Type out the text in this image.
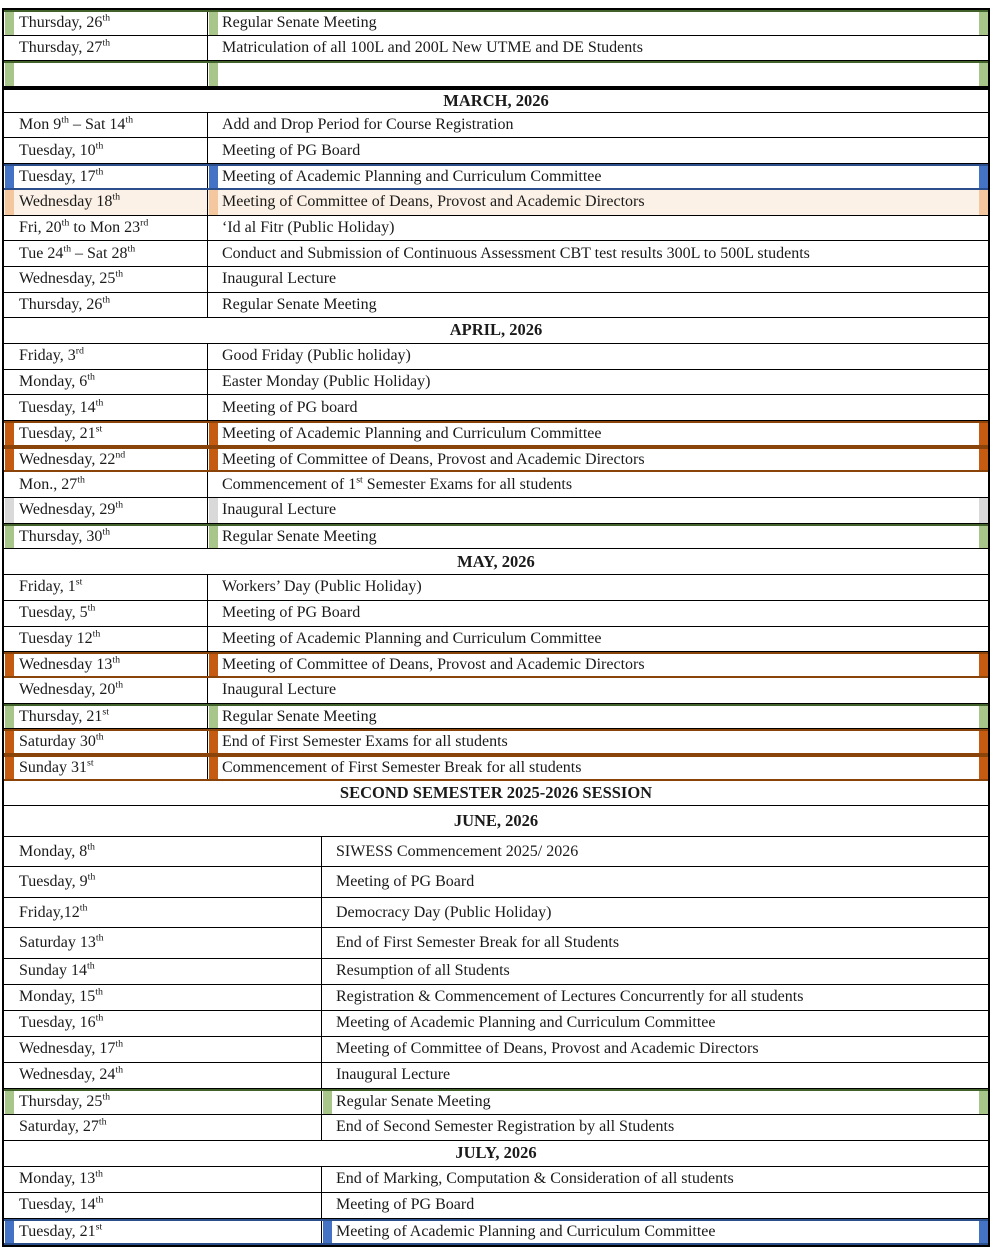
Thursday, 26th	Regular Senate Meeting
Thursday, 27th	Matriculation of all 100L and 200L New UTME and DE Students
MARCH, 2026
Mon 9th – Sat 14th	Add and Drop Period for Course Registration
Tuesday, 10th	Meeting of PG Board
Tuesday, 17th	Meeting of Academic Planning and Curriculum Committee
Wednesday 18th	Meeting of Committee of Deans, Provost and Academic Directors
Fri, 20th to Mon 23rd	‘Id al Fitr (Public Holiday)
Tue 24th – Sat 28th	Conduct and Submission of Continuous Assessment CBT test results 300L to 500L students
Wednesday, 25th	Inaugural Lecture
Thursday, 26th	Regular Senate Meeting
APRIL, 2026
Friday, 3rd	Good Friday (Public holiday)
Monday, 6th	Easter Monday (Public Holiday)
Tuesday, 14th	Meeting of PG board
Tuesday, 21st	Meeting of Academic Planning and Curriculum Committee
Wednesday, 22nd	Meeting of Committee of Deans, Provost and Academic Directors
Mon., 27th	Commencement of 1st Semester Exams for all students
Wednesday, 29th	Inaugural Lecture
Thursday, 30th	Regular Senate Meeting
MAY, 2026
Friday, 1st	Workers’ Day (Public Holiday)
Tuesday, 5th	Meeting of PG Board
Tuesday 12th	Meeting of Academic Planning and Curriculum Committee
Wednesday 13th	Meeting of Committee of Deans, Provost and Academic Directors
Wednesday, 20th	Inaugural Lecture
Thursday, 21st	Regular Senate Meeting
Saturday 30th	End of First Semester Exams for all students
Sunday 31st	Commencement of First Semester Break for all students
SECOND SEMESTER 2025-2026 SESSION
JUNE, 2026
Monday, 8th	SIWESS Commencement 2025/ 2026
Tuesday, 9th	Meeting of PG Board
Friday,12th	Democracy Day (Public Holiday)
Saturday 13th	End of First Semester Break for all Students
Sunday 14th	Resumption of all Students
Monday, 15th	Registration & Commencement of Lectures Concurrently for all students
Tuesday, 16th	Meeting of Academic Planning and Curriculum Committee
Wednesday, 17th	Meeting of Committee of Deans, Provost and Academic Directors
Wednesday, 24th	Inaugural Lecture
Thursday, 25th	Regular Senate Meeting
Saturday, 27th	End of Second Semester Registration by all Students
JULY, 2026
Monday, 13th	End of Marking, Computation & Consideration of all students
Tuesday, 14th	Meeting of PG Board
Tuesday, 21st	Meeting of Academic Planning and Curriculum Committee
